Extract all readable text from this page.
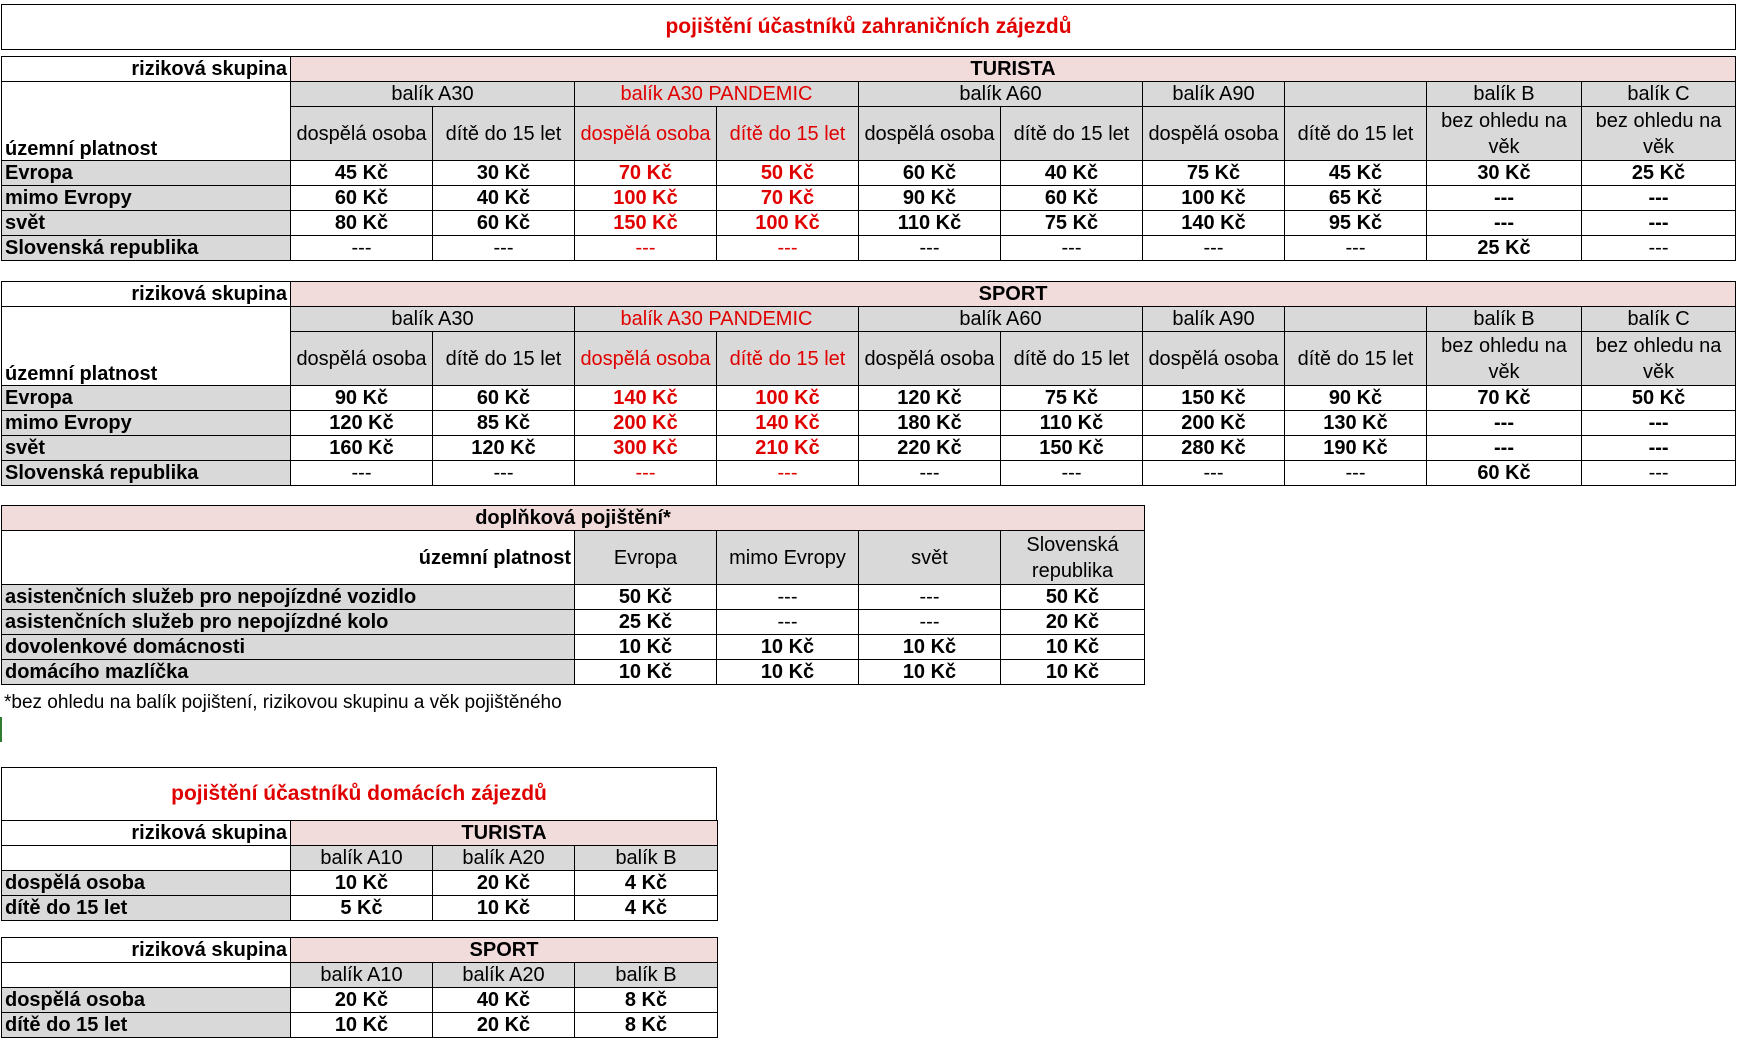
pojištění účastníků zahraničních zájezdů
riziková skupina	TURISTA									
územní platnost	balík A30		balík A30 PANDEMIC		balík A60		balík A90		balík B	balík C
	dospělá osoba	dítě do 15 let	dospělá osoba	dítě do 15 let	dospělá osoba	dítě do 15 let	dospělá osoba	dítě do 15 let	bez ohledu na věk	bez ohledu na věk
Evropa	45 Kč	30 Kč	70 Kč	50 Kč	60 Kč	40 Kč	75 Kč	45 Kč	30 Kč	25 Kč
mimo Evropy	60 Kč	40 Kč	100 Kč	70 Kč	90 Kč	60 Kč	100 Kč	65 Kč	---	---
svět	80 Kč	60 Kč	150 Kč	100 Kč	110 Kč	75 Kč	140 Kč	95 Kč	---	---
Slovenská republika	---	---	---	---	---	---	---	---	25 Kč	---
riziková skupina	SPORT									
územní platnost	balík A30		balík A30 PANDEMIC		balík A60		balík A90		balík B	balík C
	dospělá osoba	dítě do 15 let	dospělá osoba	dítě do 15 let	dospělá osoba	dítě do 15 let	dospělá osoba	dítě do 15 let	bez ohledu na věk	bez ohledu na věk
Evropa	90 Kč	60 Kč	140 Kč	100 Kč	120 Kč	75 Kč	150 Kč	90 Kč	70 Kč	50 Kč
mimo Evropy	120 Kč	85 Kč	200 Kč	140 Kč	180 Kč	110 Kč	200 Kč	130 Kč	---	---
svět	160 Kč	120 Kč	300 Kč	210 Kč	220 Kč	150 Kč	280 Kč	190 Kč	---	---
Slovenská republika	---	---	---	---	---	---	---	---	60 Kč	---
doplňková pojištění*				
územní platnost	Evropa	mimo Evropy	svět	Slovenská republika
asistenčních služeb pro nepojízdné vozidlo	50 Kč	---	---	50 Kč
asistenčních služeb pro nepojízdné kolo	25 Kč	---	---	20 Kč
dovolenkové domácnosti	10 Kč	10 Kč	10 Kč	10 Kč
domácího mazlíčka	10 Kč	10 Kč	10 Kč	10 Kč
*bez ohledu na balík pojištení, rizikovou skupinu a věk pojištěného
pojištění účastníků domácích zájezdů
riziková skupina	TURISTA		
	balík A10	balík A20	balík B
dospělá osoba	10 Kč	20 Kč	4 Kč
dítě do 15 let	5 Kč	10 Kč	4 Kč
riziková skupina	SPORT		
	balík A10	balík A20	balík B
dospělá osoba	20 Kč	40 Kč	8 Kč
dítě do 15 let	10 Kč	20 Kč	8 Kč
